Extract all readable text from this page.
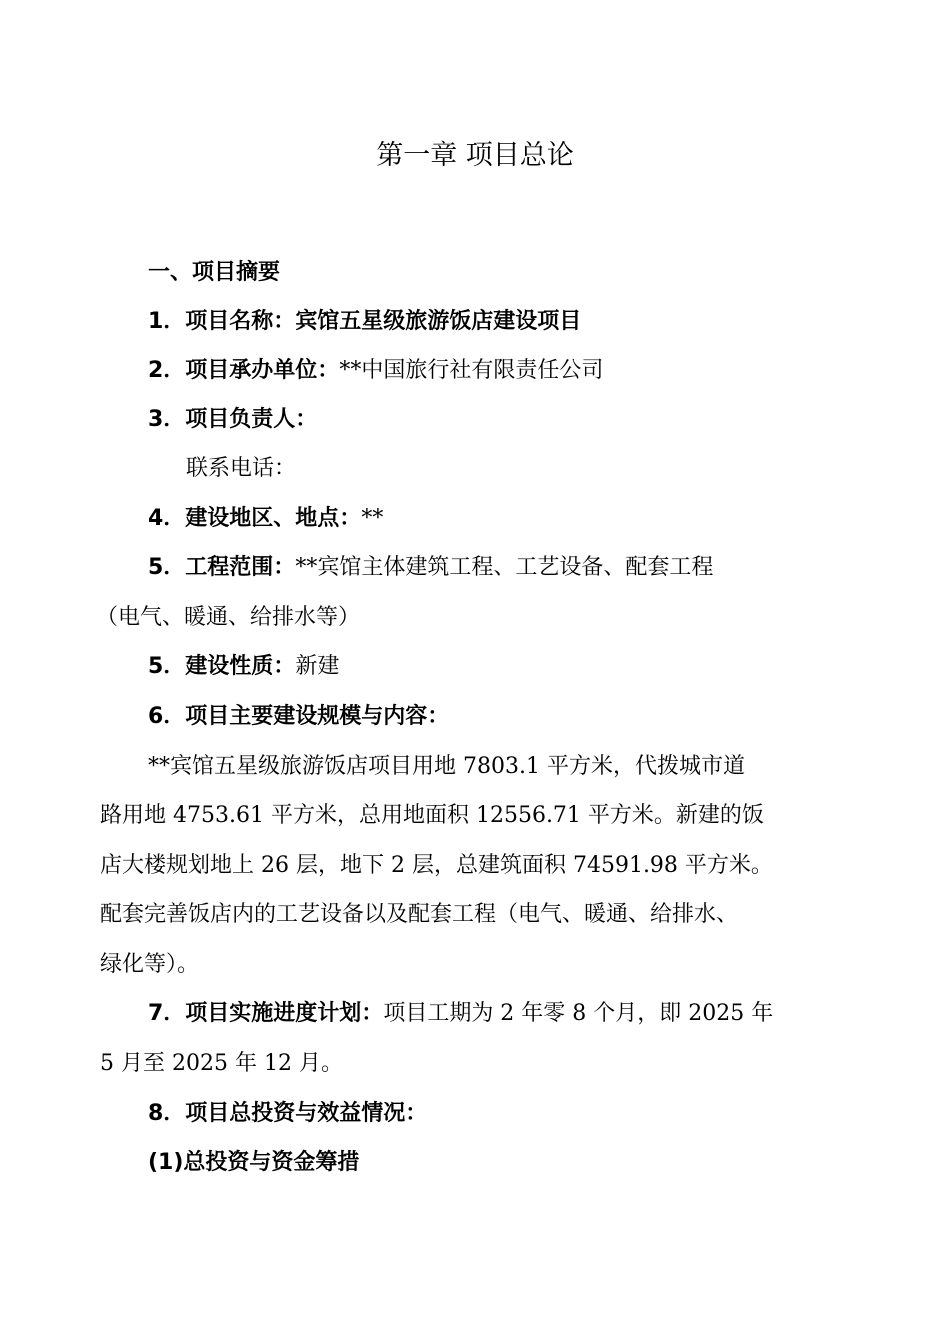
第一章 项目总论
一、项目摘要
1．项目名称：宾馆五星级旅游饭店建设项目
2．项目承办单位：**中国旅行社有限责任公司
3．项目负责人：
联系电话：
4．建设地区、地点：**
5．工程范围：**宾馆主体建筑工程、工艺设备、配套工程
（电气、暖通、给排水等）
5．建设性质：新建
6．项目主要建设规模与内容：
**宾馆五星级旅游饭店项目用地 7803.1 平方米，代拨城市道
路用地 4753.61 平方米，总用地面积 12556.71 平方米。新建的饭
店大楼规划地上 26 层，地下 2 层，总建筑面积 74591.98 平方米。
配套完善饭店内的工艺设备以及配套工程（电气、暖通、给排水、
绿化等）。
7．项目实施进度计划：项目工期为 2 年零 8 个月，即 2025 年
5 月至 2025 年 12 月。
8．项目总投资与效益情况：
(1)总投资与资金筹措
